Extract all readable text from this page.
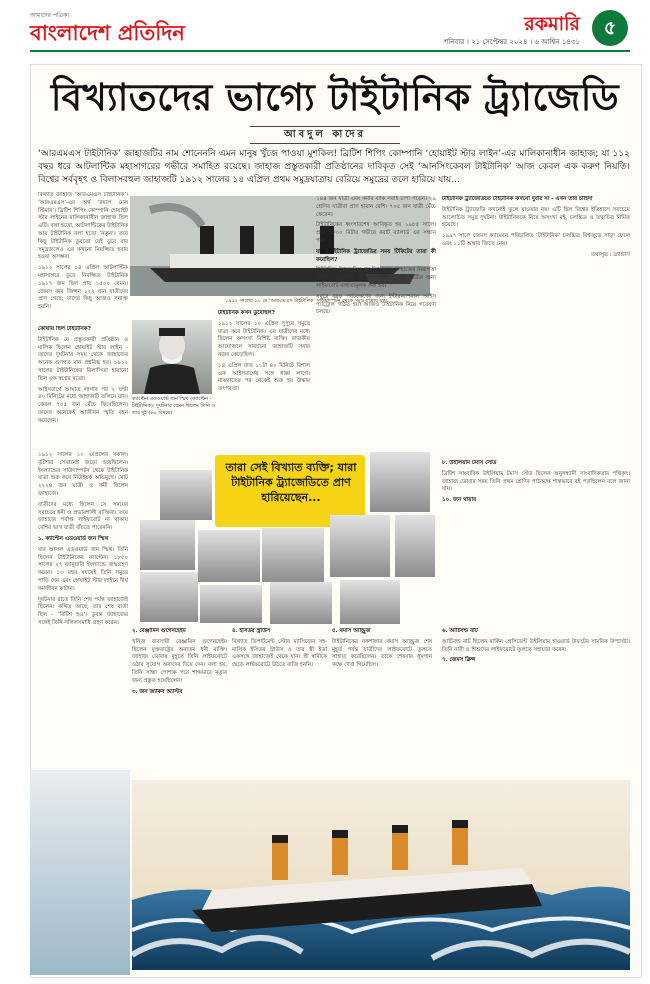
আমাদের পত্রিকা
বাংলাদেশ প্রতিদিন	রকমারি
শনিবার । ২১ সেপ্টেম্বর ২০২৪ । ৬ আশ্বিন ১৪৩১
৫
বিখ্যাতদের ভাগ্যে টাইটানিক ট্র্যাজেডি
আবদুল কাদের
‘আরএমএস টাইটানিক’ জাহাজটির নাম শোনেননি এমন মানুষ খুঁজে পাওয়া মুশকিল! ব্রিটিশ শিপিং কোম্পানি ‘হোয়াইট স্টার লাইন’-এর মালিকানাধীন জাহাজ; যা ১১২ বছর ধরে আটলান্টিক মহাসাগরের গভীরে সমাহিত রয়েছে। জাহাজ প্রস্তুতকারী প্রতিষ্ঠানের দাবিকৃত সেই ‘আনসিংকেবল টাইটানিক’ আজ কেবল এক করুণ নিয়তি। বিশ্বের সর্ববৃহৎ ও বিলাসবহুল জাহাজটি ১৯১২ সালের ১৪ এপ্রিল প্রথম সমুদ্রযাত্রায় বেরিয়ে সমুদ্রের তলে হারিয়ে যায়...

বিখ্যাত জাহাজ ‘আরএমএস টাইটানিক’। ‘আরএমএস’-এর অর্থ ‘রয়াল মেল স্টিমার’। ব্রিটিশ শিপিং কোম্পানি হোয়াইট স্টার লাইনের মালিকানাধীন জাহাজ ছিল এটি। বলা হতো, আটলান্টিকের টাইটানিক আর টাইটানিক বলা হতো ‘নতুন’। তবে কিছু টাইটানিক ডুবতো যেই ডুবে বার সমুদ্রজলেও এর কখনো নিমজ্জিত হবার হওয়া অসম্ভব।

১৯১২ সালের ১৪ এপ্রিল আটলান্টিক মহাসাগরে ডুবে নিমজ্জিত টাইটানিক ১৯১৭ জন ছিল প্রায় ১৫০০ যেমন। জেমস কার জিন্সন ১২২ জন যাত্রীদের প্রাণ গেছে; যাদের কিছু আজও সনাক্ত হয়নি।

১৯১২ সালের ১০ মে ‘আরএমএস টাইটানিক’ সাউদাম্পটন থেকে সমুদ্র যাত্রায় যায়

কোথায় ছিল টাইটানিক?

টাইটানিক যে প্রস্তুতকারী প্রতিষ্ঠান ও মালিক ছিলেন হোয়াইট স্টার লাইন - তাদের দুর্ঘটনার সময় থেকে জাহাজের অনেক গুণগত মান প্রশ্নবিদ্ধ হয়। ১৯১২ সালের টাইটানিকের বিলাসিতা হারানো ছিল এক স্বপ্নের মতো।

আইসবার্গে আঘাত লাগার পর ২ ঘণ্টা ৪০ মিনিটের মধ্যে জাহাজটি তলিয়ে যায়। কেবল ৭০৫ জন বেঁচে ফিরেছিলেন। তাদের অনেকেই আজীবন স্মৃতি বহন করেছেন।

ক্যাপ্টেন এডওয়ার্ড জন স্মিথ (ক্যাপ্টেন - টাইটানিক); দুর্ঘটনার যেমন ছিলেন তিনি ও তার দুই (৬০ বিষয়ে)

টাইটানিক কখন ডুবেছিল?

১৯১২ সালের ১০ এপ্রিল দুপুরে সমুদ্রে যাত্রা করে টাইটানিক। এর যাত্রীদের মধ্যে ছিলেন অসংখ্য বিশিষ্ট ব্যক্তি। রাজকীয় আয়োজনে সাজানো জাহাজটি সবার নজর কেড়েছিল।

১৪ এপ্রিল রাত ১১টা ৪০ মিনিটে বিশাল এক আইসবার্গের সঙ্গে ধাক্কা লাগে। মাঝরাতের পর থেকেই শুরু হয় উদ্ধার তৎপরতা।

১৪৪ জন যাত্রী এবং কর্মীর বাকি সবাই চাপা পড়েন। ২৯ শ্রেণির যাত্রীরা প্রাণ হারান বেশি। ৭০৫ জন যাত্রী বেঁচে ফেরেন।

টাইটানিকের ধ্বংসাবশেষ আবিষ্কৃত হয় ১৯৮৫ সালে। প্রায় ৩৮০০ মিটার গভীরে রবার্ট ব্যালার্ড এর সন্ধান পান।

যারা টাইটানিক ট্র্যাজেডির সময় টিকিটের তারা কী করেছিল?

টাইটানিক ট্র্যাজেডির পর বিশ্ব জুড়ে জাহাজের নিরাপত্তা আইন নতুন করে সাজানো হয়। প্রতিটি যাত্রীর জন্য লাইফবোট বাধ্যতামূলক করা হয়।

সমুদ্রে বরফ পর্যবেক্ষণের জন্য ইন্টারন্যাশনাল আইস প্যাট্রোল গঠিত হয়। আজও টাইটানিক নিয়ে গবেষণা চলছে।

টাইটানিক ট্র্যাজেডিতে টাইটানিক কখনো দুবার না - এখন তার চাহিদা

টাইটানিক ট্র্যাজেডি কখনোই ভুলে যাওয়ার নয়। এটি ছিল বিশ্বের ইতিহাসে সবচেয়ে আলোচিত সমুদ্র দুর্ঘটনা। টাইটানিককে নিয়ে অসংখ্য বই, চলচ্চিত্র ও তথ্যচিত্র নির্মিত হয়েছে।

১৯৯৭ সালে জেমস ক্যামেরন পরিচালিত ‘টাইটানিক’ চলচ্চিত্র বিশ্বজুড়ে সাড়া ফেলে এবং ১১টি অস্কার জিতে নেয়।

তথ্যসূত্র : ব্র্যান্ডার্স

১৯১২ সালের ১০ এপ্রিলের সকাল। বৃটিশরা সেখানেই জড়ো হয়েছিলেন। ইংল্যান্ডের সাউদাম্পটন থেকে টাইটানিক যাত্রা শুরু করে নিউইয়র্ক অভিমুখে। মোট ২২২৪ জন যাত্রী ও কর্মী ছিলেন জাহাজে।

যাত্রীদের মধ্যে ছিলেন সে সময়ের সবচেয়ে ধনী ও প্রভাবশালী ব্যক্তিরা। তবে জাহাজে পর্যাপ্ত লাইফবোট না থাকায় বেশির ভাগ যাত্রী বাঁচতে পারেননি।

১. ক্যাপ্টেন এডওয়ার্ড জন স্মিথ

যার আসল এডওয়ার্ড জন স্মিথ। তিনি ছিলেন টাইটানিকের ক্যাপ্টেন। ১৮৫০ সালের ২৭ জানুয়ারি ইংল্যান্ডে জন্মগ্রহণ করেন। ১৩ বছর বয়সেই তিনি সমুদ্রে পাড়ি দেন এবং হোয়াইট স্টার লাইনে দীর্ঘ কর্মজীবন কাটান।

দুর্ঘটনার রাতে তিনি শেষ পর্যন্ত জাহাজেই ছিলেন। কথিত আছে, তার শেষ বার্তা ছিল - ‘বিটিশ হও’। ডুবন্ত জাহাজের সঙ্গেই তিনি সলিলসমাধি গ্রহণ করেন।

তারা সেই বিখ্যাত ব্যক্তি; যারা টাইটানিক ট্র্যাজেডিতে প্রাণ হারিয়েছেন...

৮. উইলিয়াম টমাস স্টেড

ব্রিটিশ সাংবাদিক উইলিয়াম টমাস স্টেড ছিলেন অনুসন্ধানী সাংবাদিকতার পথিকৃৎ। জাহাজ ডোবার সময় তিনি প্রথম শ্রেণির পাঠকক্ষে শান্তভাবে বই পড়ছিলেন বলে জানা যায়।

১০. জন থায়ার

২. বেঞ্জামিন গুগেনহেইম

খনিজ ব্যবসায়ী বেঞ্জামিন গুগেনহেইম ছিলেন যুক্তরাষ্ট্রের অন্যতম ধনী ব্যক্তি। জাহাজ ডোবার মুহূর্তে তিনি লাইফবোটে ওঠার সুযোগ অন্যদের দিয়ে দেন। বলা হয়, তিনি সান্ধ্য পোশাক পরে শান্তভাবে মৃত্যুর জন্য প্রস্তুত হয়েছিলেন।

৩. জন জ্যাকব অ্যাস্টর

৪. ইসিডর স্ট্রাউস

বিখ্যাত ডিপার্টমেন্ট স্টোর ম্যাসিজের সহ-মালিক ইসিডর স্ট্রাউস ও তার স্ত্রী ইডা একসঙ্গে জাহাজেই থেকে যান। স্ত্রী স্বামীকে ছেড়ে লাইফবোটে উঠতে রাজি হননি।

৫. থমাস অ্যান্ড্রুজ

টাইটানিকের নকশাকার থমাস অ্যান্ড্রুজ শেষ মুহূর্ত পর্যন্ত যাত্রীদের লাইফবোটে তুলতে সাহায্য করেছিলেন। তাকে শেষবার ধূমপান কক্ষে দেখা গিয়েছিল।

৬. আর্চিবল্ড বাট

আর্চিবল্ড বাট ছিলেন মার্কিন প্রেসিডেন্ট উইলিয়াম হাওয়ার্ড টাফটের সামরিক উপদেষ্টা। তিনি নারী ও শিশুদের লাইফবোটে তুলতে সহায়তা করেন।

৭. জেমস ক্লিন্স
